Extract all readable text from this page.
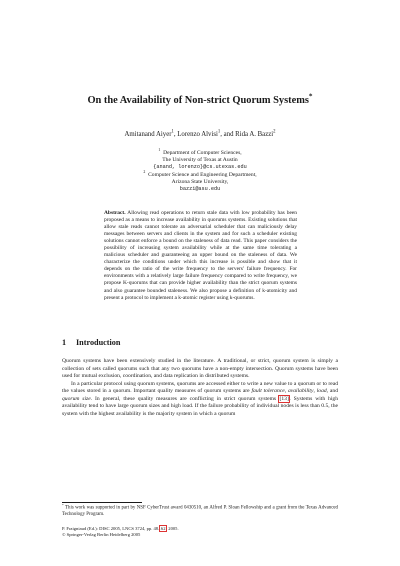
On the Availability of Non-strict Quorum Systems*
Amitanand Aiyer$^1$, Lorenzo Alvisi$^1$, and Rida A. Bazzi$^2$
$^1$ Department of Computer Sciences,
The University of Texas at Austin
{anand, lorenzo}@cs.utexas.edu
$^2$ Computer Science and Engineering Department,
Arizona State University,
bazzi@asu.edu
Abstract. Allowing read operations to return stale data with low probability has been proposed as a means to increase availability in quorums systems. Existing solutions that allow stale reads cannot tolerate an adversarial scheduler that can maliciously delay messages between servers and clients in the system and for such a scheduler existing solutions cannot enforce a bound on the staleness of data read. This paper considers the possibility of increasing system availability while at the same time tolerating a malicious scheduler and guaranteeing an upper bound on the staleness of data. We characterize the conditions under which this increase is possible and show that it depends on the ratio of the write frequency to the servers' failure frequency. For environments with a relatively large failure frequency compared to write frequency, we propose K-quorums that can provide higher availability than the strict quorum systems and also guarantee bounded staleness. We also propose a definition of k-atomicity and present a protocol to implement a k-atomic register using k-quorums.
1 Introduction

Quorum systems have been extensively studied in the literature. A traditional, or strict, quorum system is simply a collection of sets called quorums such that any two quorums have a non-empty intersection. Quorum systems have been used for mutual exclusion, coordination, and data replication in distributed systems.

In a particular protocol using quorum systems, quorums are accessed either to write a new value to a quorum or to read the values stored in a quorum. Important quality measures of quorum systems are fault tolerance, availability, load, and quorum size. In general, these quality measures are conflicting in strict quorum systems [13]. Systems with high availability tend to have large quorum sizes and high load. If the failure probability of individual nodes is less than 0.5, the system with the highest availability is the majority system in which a quorum

* This work was supported in part by NSF CyberTrust award 0430510, an Alfred P. Sloan Fellowship and a grant from the Texas Advanced Technology Program.
P. Fraigniaud (Ed.): DISC 2005, LNCS 3724, pp. 48–62, 2005.
© Springer-Verlag Berlin Heidelberg 2005
